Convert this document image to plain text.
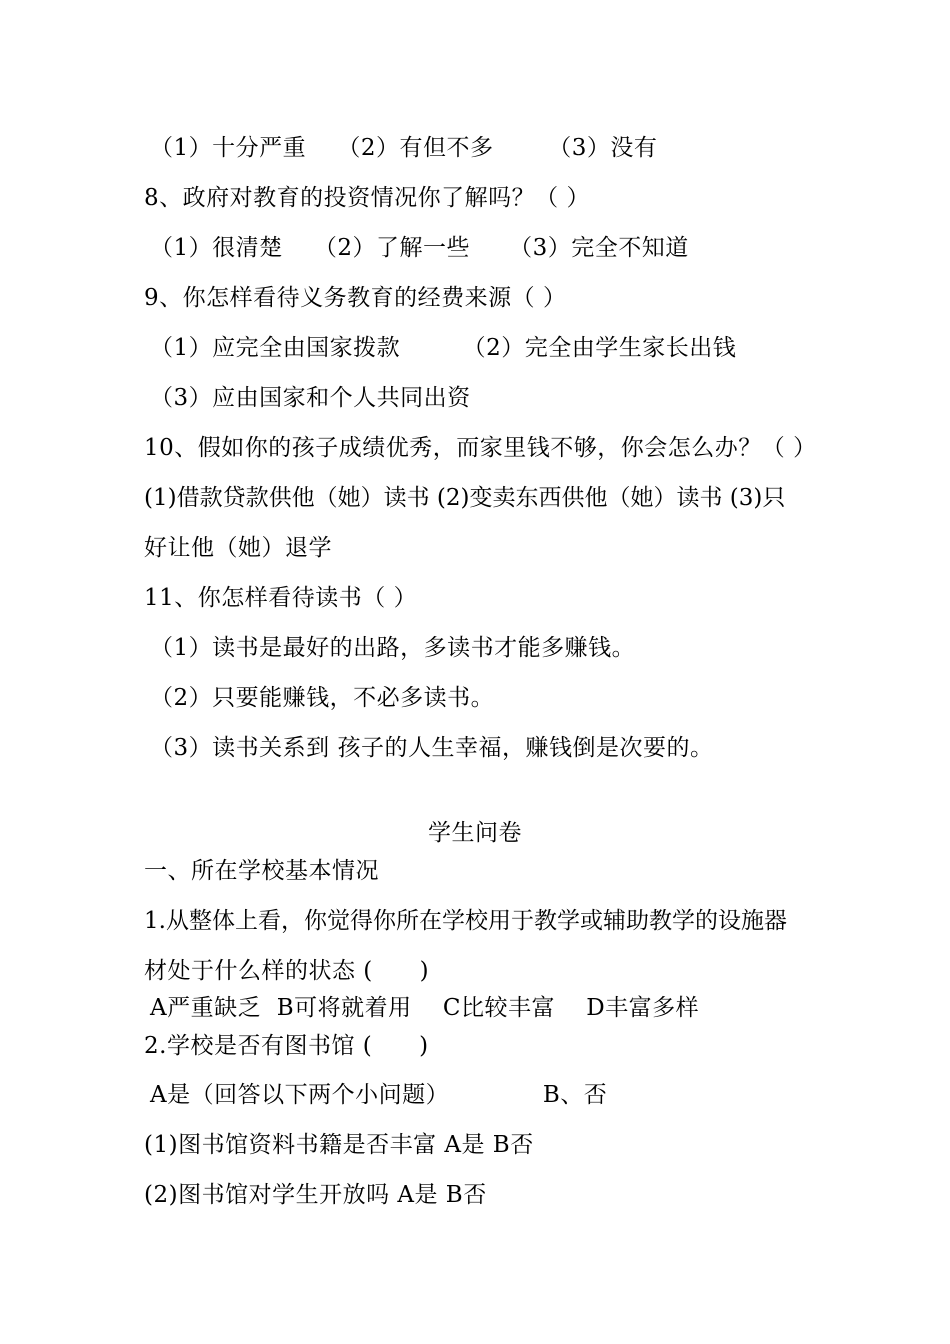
（1）十分严重    （2）有但不多       （3）没有
8、政府对教育的投资情况你了解吗？（ ）
（1）很清楚    （2）了解一些     （3）完全不知道
9、你怎样看待义务教育的经费来源（ ）
（1）应完全由国家拨款        （2）完全由学生家长出钱
（3）应由国家和个人共同出资
10、假如你的孩子成绩优秀，而家里钱不够，你会怎么办？（ ）
(1)借款贷款供他（她）读书 (2)变卖东西供他（她）读书 (3)只
好让他（她）退学
11、你怎样看待读书（ ）
（1）读书是最好的出路，多读书才能多赚钱。
（2）只要能赚钱，不必多读书。
（3）读书关系到 孩子的人生幸福，赚钱倒是次要的。
学生问卷
一、所在学校基本情况
1.从整体上看，你觉得你所在学校用于教学或辅助教学的设施器
材处于什么样的状态 (      )
A严重缺乏  B可将就着用    C比较丰富    D丰富多样
2.学校是否有图书馆 (      )
A是（回答以下两个小问题）            B、否
(1)图书馆资料书籍是否丰富 A是 B否
(2)图书馆对学生开放吗 A是 B否
